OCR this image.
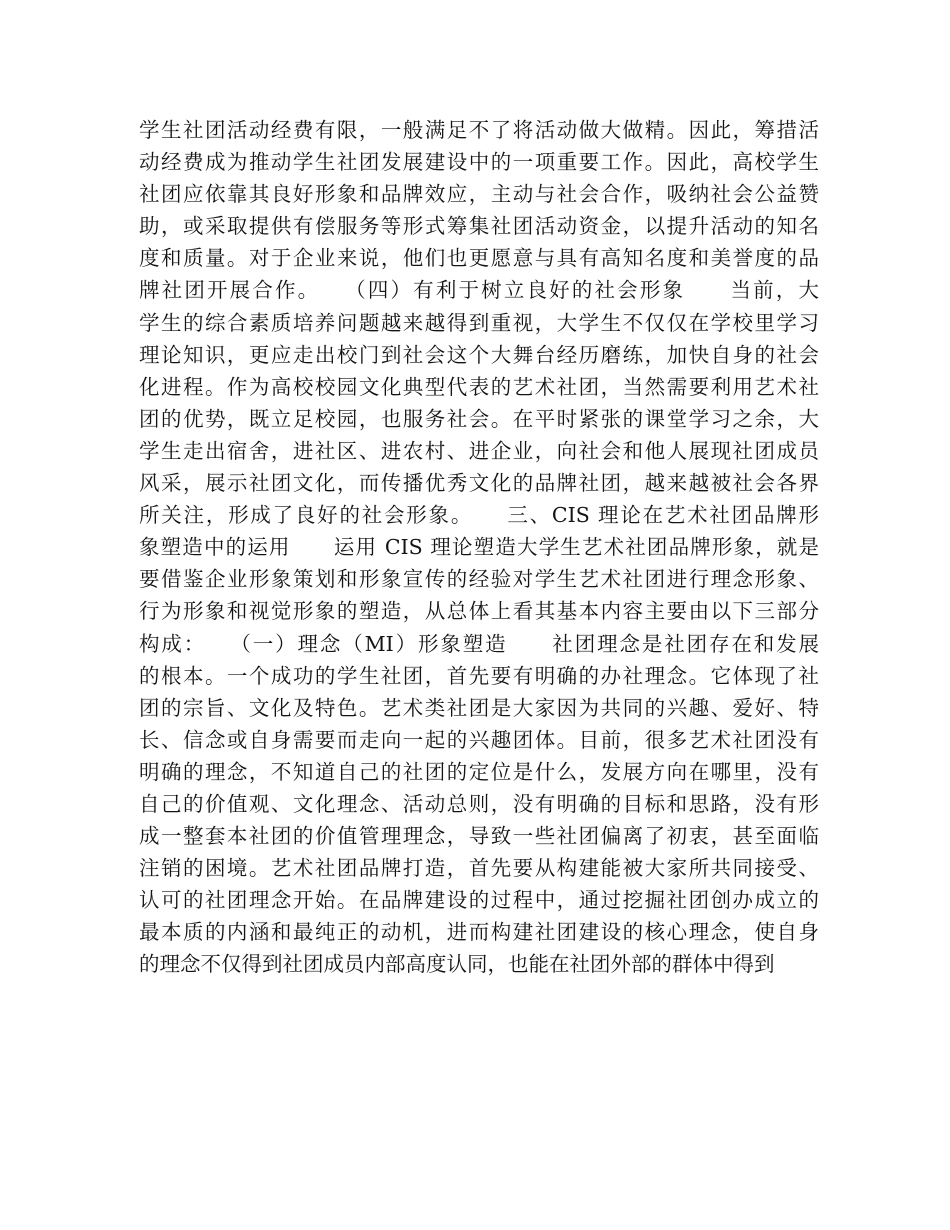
学生社团活动经费有限，一般满足不了将活动做大做精。因此，筹措活
动经费成为推动学生社团发展建设中的一项重要工作。因此，高校学生
社团应依靠其良好形象和品牌效应，主动与社会合作，吸纳社会公益赞
助，或采取提供有偿服务等形式筹集社团活动资金，以提升活动的知名
度和质量。对于企业来说，他们也更愿意与具有高知名度和美誉度的品
牌社团开展合作。　　（四）有利于树立良好的社会形象　　当前，大
学生的综合素质培养问题越来越得到重视，大学生不仅仅在学校里学习
理论知识，更应走出校门到社会这个大舞台经历磨练，加快自身的社会
化进程。作为高校校园文化典型代表的艺术社团，当然需要利用艺术社
团的优势，既立足校园，也服务社会。在平时紧张的课堂学习之余，大
学生走出宿舍，进社区、进农村、进企业，向社会和他人展现社团成员
风采，展示社团文化，而传播优秀文化的品牌社团，越来越被社会各界
所关注，形成了良好的社会形象。　　三、CIS 理论在艺术社团品牌形
象塑造中的运用　　运用 CIS 理论塑造大学生艺术社团品牌形象，就是
要借鉴企业形象策划和形象宣传的经验对学生艺术社团进行理念形象、
行为形象和视觉形象的塑造，从总体上看其基本内容主要由以下三部分
构成：　　（一）理念（MI）形象塑造　　社团理念是社团存在和发展
的根本。一个成功的学生社团，首先要有明确的办社理念。它体现了社
团的宗旨、文化及特色。艺术类社团是大家因为共同的兴趣、爱好、特
长、信念或自身需要而走向一起的兴趣团体。目前，很多艺术社团没有
明确的理念，不知道自己的社团的定位是什么，发展方向在哪里，没有
自己的价值观、文化理念、活动总则，没有明确的目标和思路，没有形
成一整套本社团的价值管理理念，导致一些社团偏离了初衷，甚至面临
注销的困境。艺术社团品牌打造，首先要从构建能被大家所共同接受、
认可的社团理念开始。在品牌建设的过程中，通过挖掘社团创办成立的
最本质的内涵和最纯正的动机，进而构建社团建设的核心理念，使自身
的理念不仅得到社团成员内部高度认同，也能在社团外部的群体中得到
